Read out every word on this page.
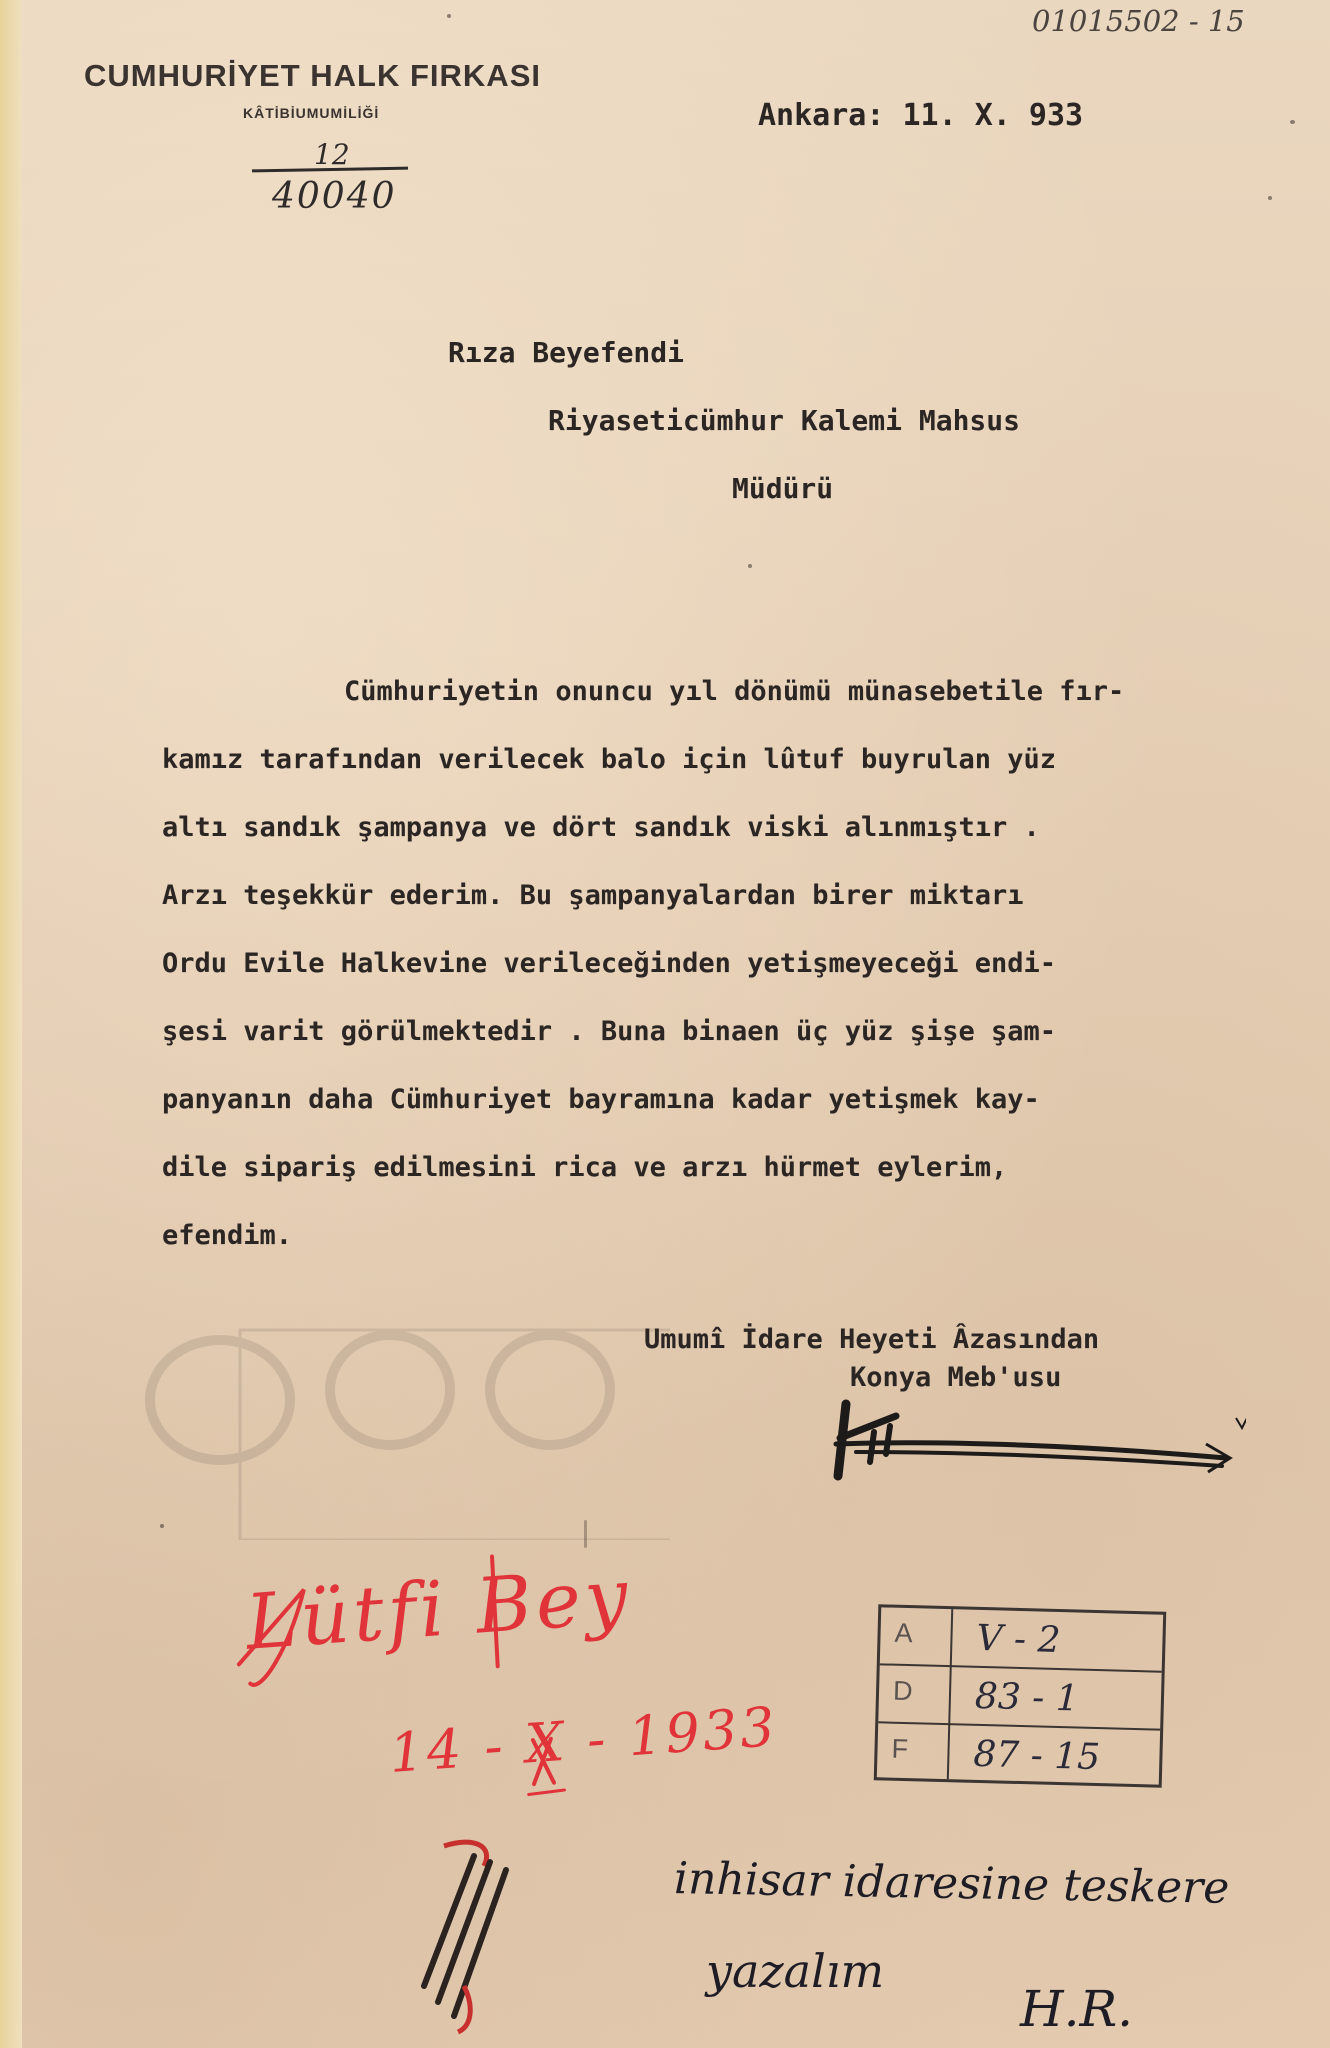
01015502 - 15
CUMHURİYET HALK FIRKASI
KÂTİBİUMUMİLİĞİ
12
40040
Ankara: 11. X. 933
Rıza Beyefendi
Riyaseticümhur Kalemi Mahsus
Müdürü
Cümhuriyetin onuncu yıl dönümü münasebetile fır-
kamız tarafından verilecek balo için lûtuf buyrulan yüz
altı sandık şampanya ve dört sandık viski alınmıştır .
Arzı teşekkür ederim. Bu şampanyalardan birer miktarı
Ordu Evile Halkevine verileceğinden yetişmeyeceği endi-
şesi varit görülmektedir . Buna binaen üç yüz şişe şam-
panyanın daha Cümhuriyet bayramına kadar yetişmek kay-
dile sipariş edilmesini rica ve arzı hürmet eylerim,
efendim.
Umumî İdare Heyeti Âzasından
Konya Meb'usu
Lütfi Bey
14 - X - 1933
A	V - 2
D 83 - 1
F	87 - 15
inhisar idaresine teskere
yazalım
H.R.
